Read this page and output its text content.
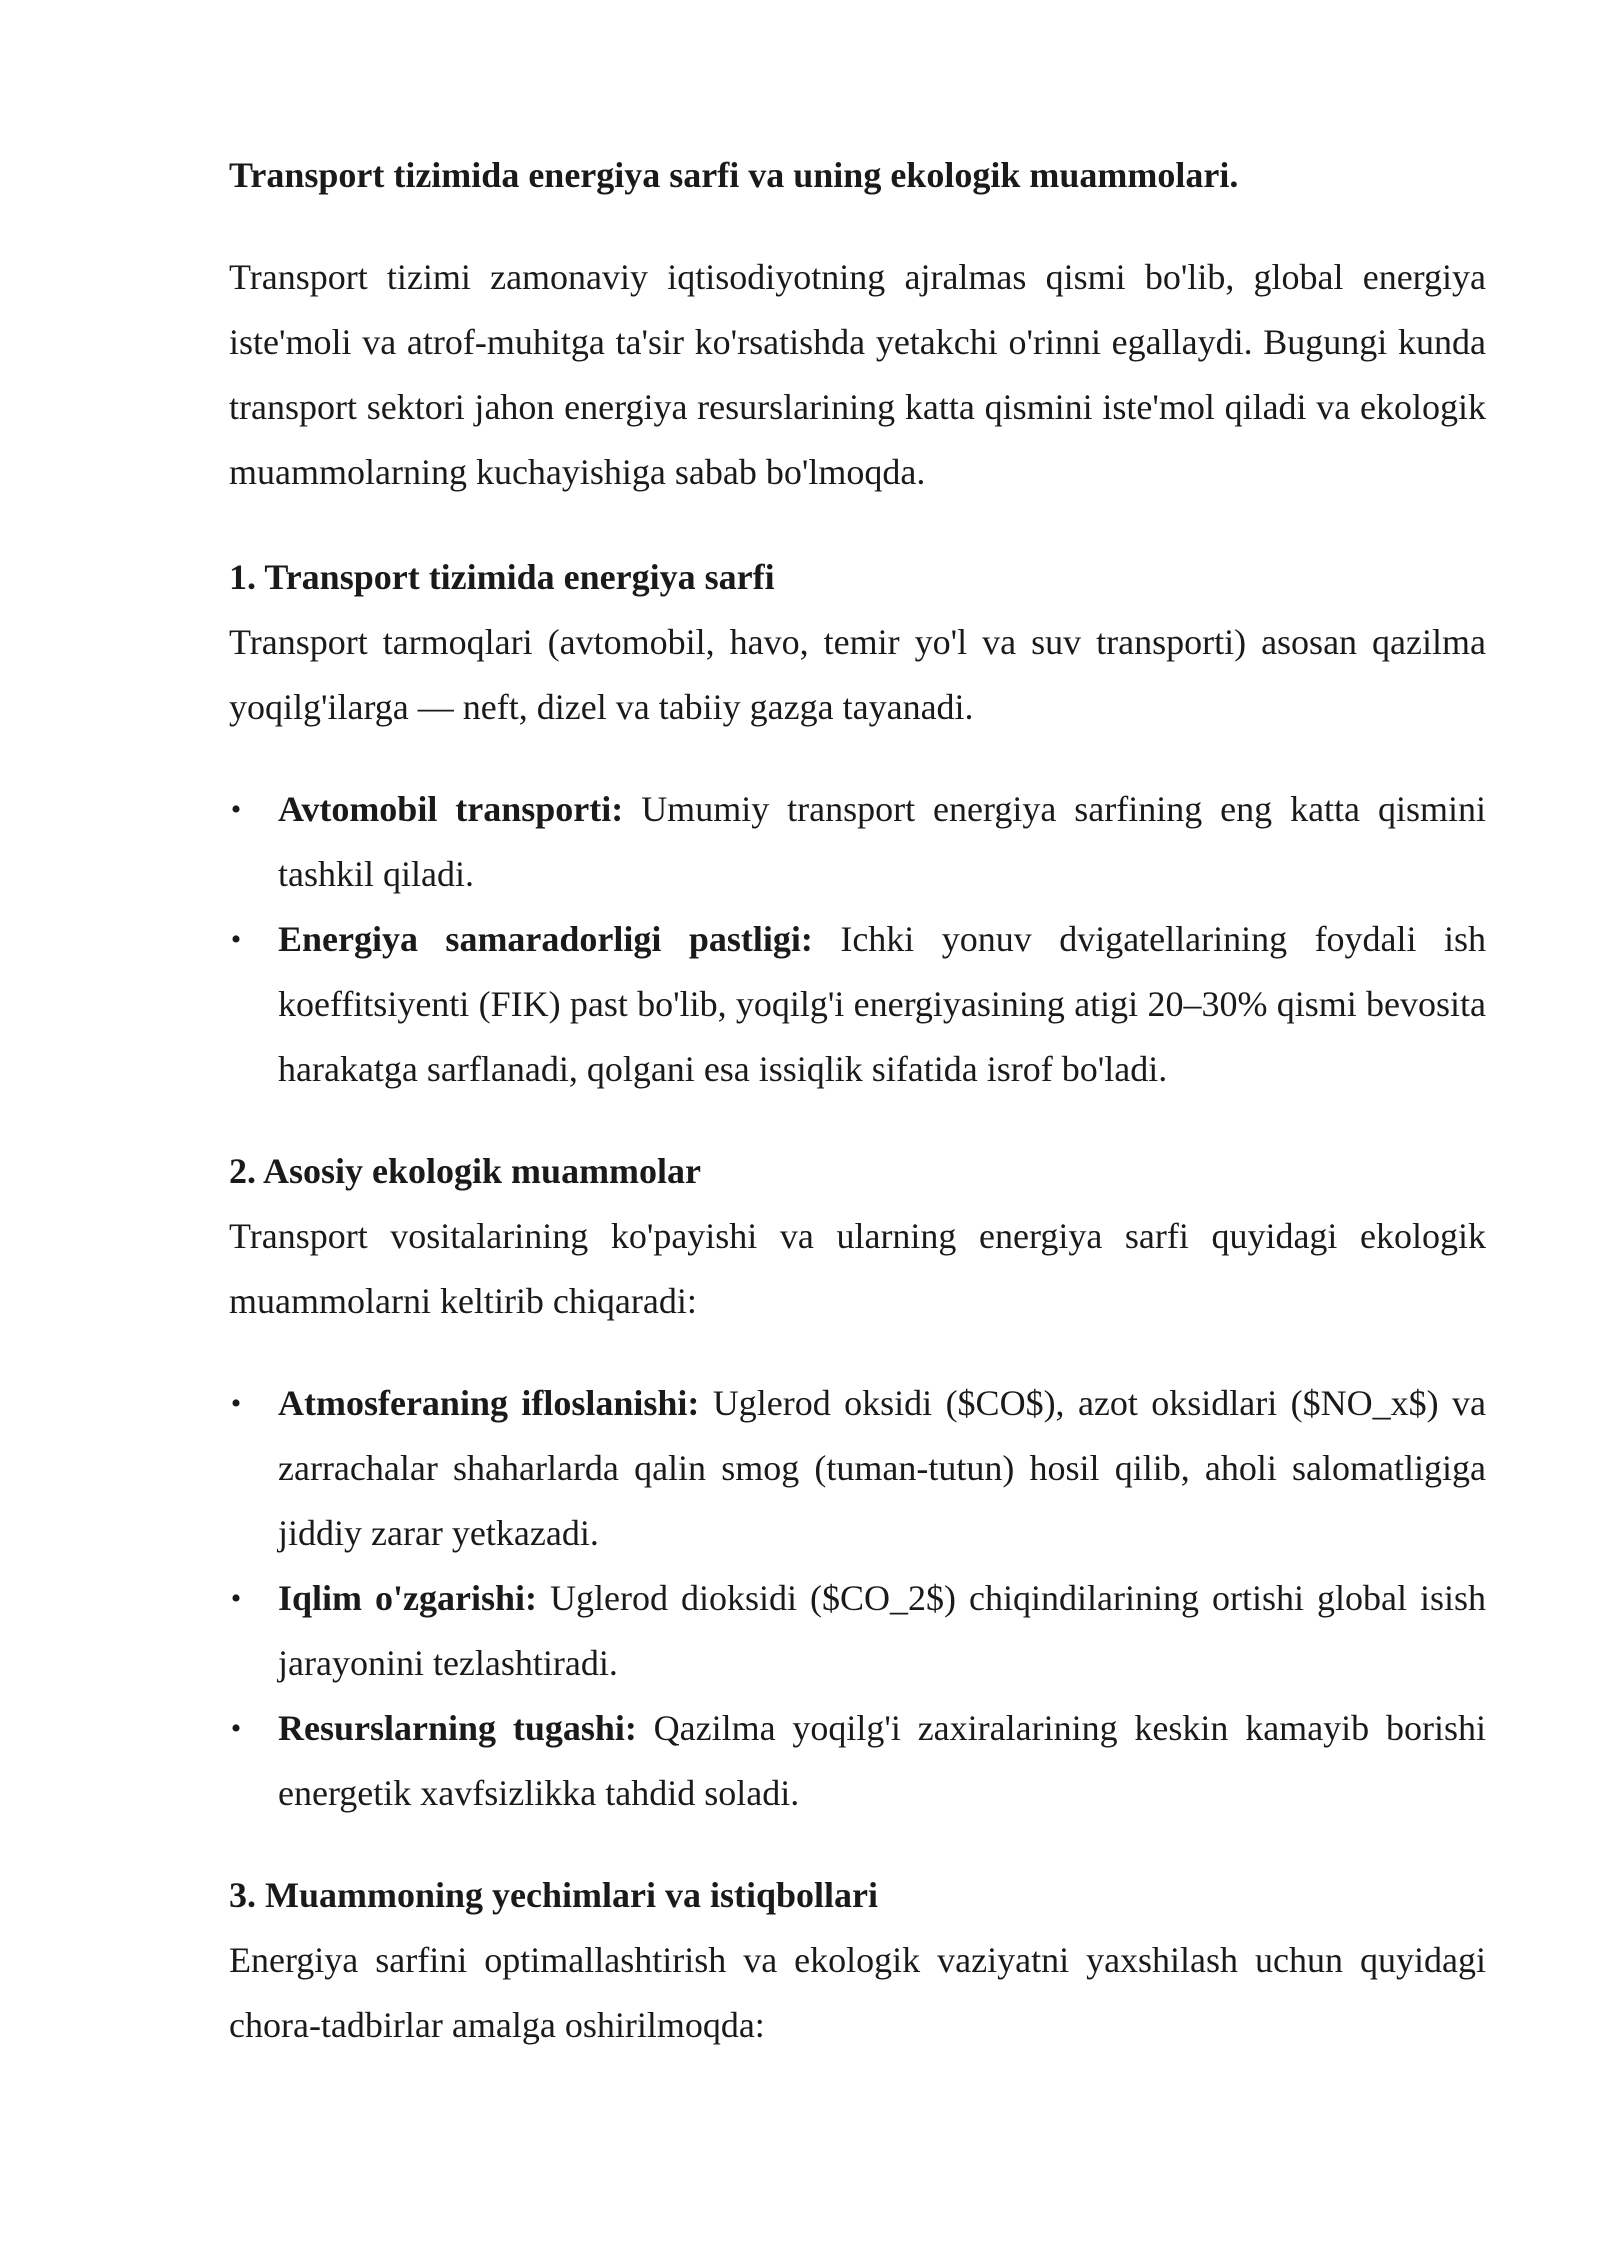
Transport tizimida energiya sarfi va uning ekologik muammolari.

Transport tizimi zamonaviy iqtisodiyotning ajralmas qismi bo'lib, global energiya iste'moli va atrof-muhitga ta'sir ko'rsatishda yetakchi o'rinni egallaydi. Bugungi kunda transport sektori jahon energiya resurslarining katta qismini iste'mol qiladi va ekologik muammolarning kuchayishiga sabab bo'lmoqda.

1. Transport tizimida energiya sarfi

Transport tarmoqlari (avtomobil, havo, temir yo'l va suv transporti) asosan qazilma yoqilg'ilarga — neft, dizel va tabiiy gazga tayanadi.

• Avtomobil transporti: Umumiy transport energiya sarfining eng katta qismini tashkil qiladi.
• Energiya samaradorligi pastligi: Ichki yonuv dvigatellarining foydali ish koeffitsiyenti (FIK) past bo'lib, yoqilg'i energiyasining atigi 20–30% qismi bevosita harakatga sarflanadi, qolgani esa issiqlik sifatida isrof bo'ladi.
2. Asosiy ekologik muammolar

Transport vositalarining ko'payishi va ularning energiya sarfi quyidagi ekologik muammolarni keltirib chiqaradi:

• Atmosferaning ifloslanishi: Uglerod oksidi ($CO$), azot oksidlari ($NO_x$) va zarrachalar shaharlarda qalin smog (tuman-tutun) hosil qilib, aholi salomatligiga jiddiy zarar yetkazadi.
• Iqlim o'zgarishi: Uglerod dioksidi ($CO_2$) chiqindilarining ortishi global isish jarayonini tezlashtiradi.
• Resurslarning tugashi: Qazilma yoqilg'i zaxiralarining keskin kamayib borishi energetik xavfsizlikka tahdid soladi.
3. Muammoning yechimlari va istiqbollari

Energiya sarfini optimallashtirish va ekologik vaziyatni yaxshilash uchun quyidagi chora-tadbirlar amalga oshirilmoqda:
